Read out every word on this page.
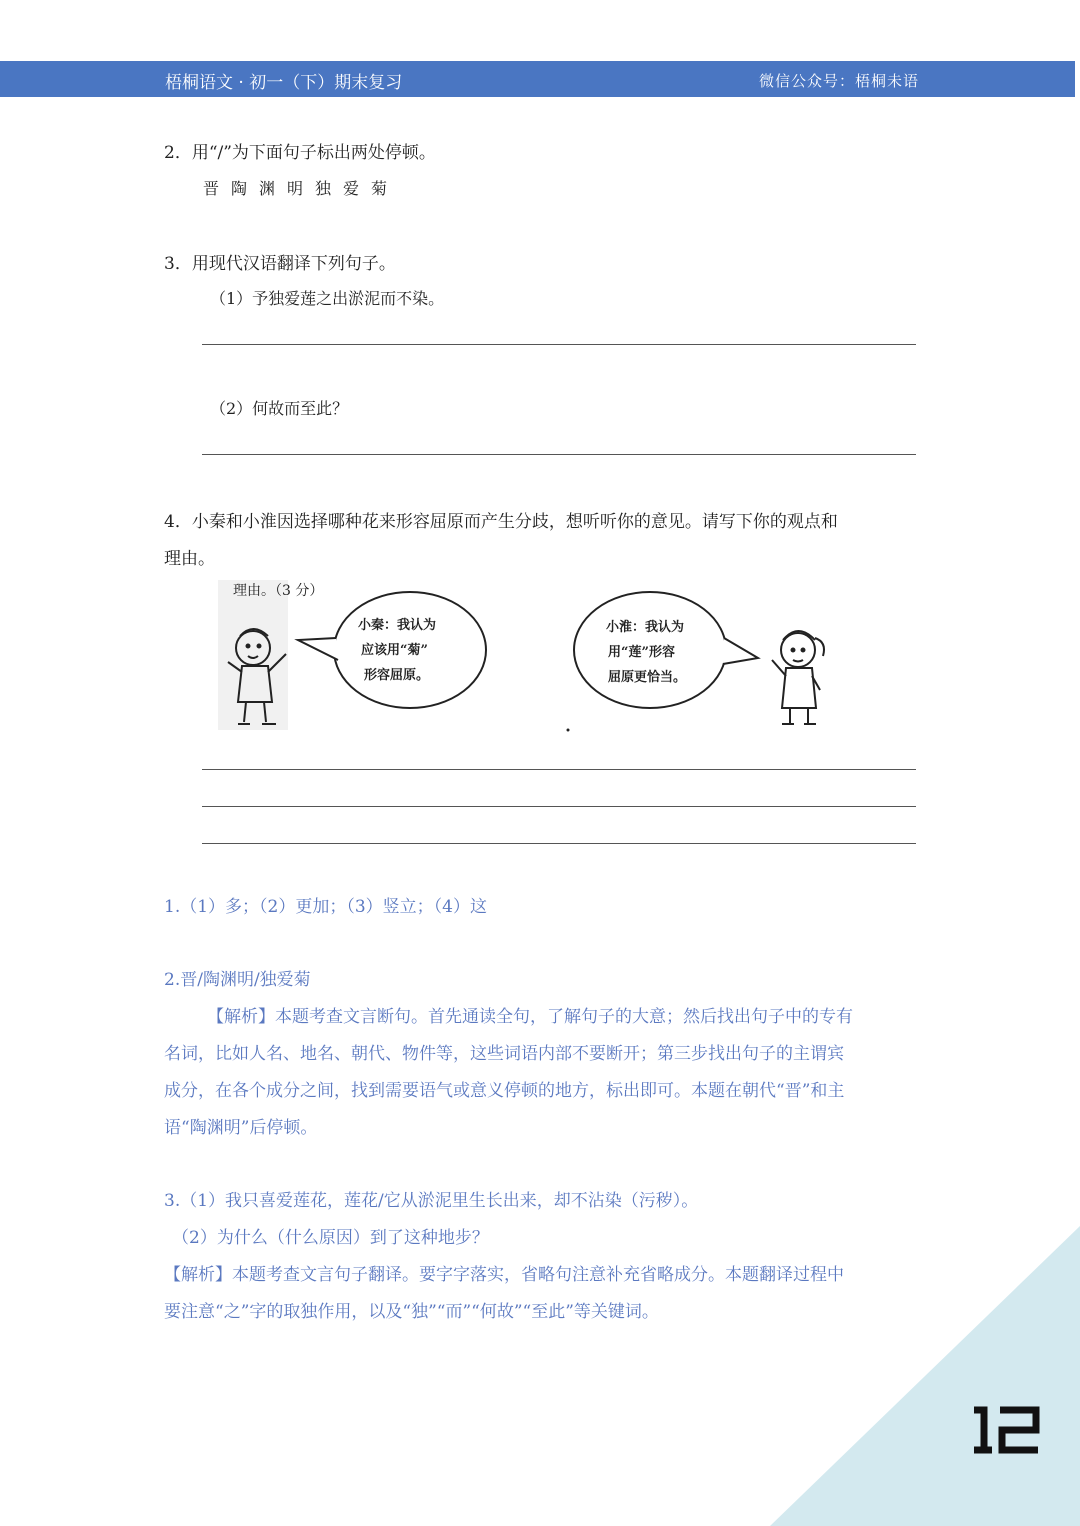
梧桐语文 · 初一（下）期末复习	微信公众号：梧桐未语
2．用“/”为下面句子标出两处停顿。
晋陶渊明独爱菊
3．用现代汉语翻译下列句子。
（1）予独爱莲之出淤泥而不染。
（2）何故而至此？
4．小秦和小淮因选择哪种花来形容屈原而产生分歧，想听听你的意见。请写下你的观点和
理由。
理由。（3 分）
小秦：我认为
应该用“菊”
形容屈原。
小淮：我认为
用“莲”形容
屈原更恰当。
1.（1）多；（2）更加；（3）竖立；（4）这
2.晋/陶渊明/独爱菊
【解析】本题考查文言断句。首先通读全句，了解句子的大意；然后找出句子中的专有
名词，比如人名、地名、朝代、物件等，这些词语内部不要断开；第三步找出句子的主谓宾
成分，在各个成分之间，找到需要语气或意义停顿的地方，标出即可。本题在朝代“晋”和主
语“陶渊明”后停顿。
3.（1）我只喜爱莲花，莲花/它从淤泥里生长出来，却不沾染（污秽）。
（2）为什么（什么原因）到了这种地步？
【解析】本题考查文言句子翻译。要字字落实，省略句注意补充省略成分。本题翻译过程中
要注意“之”字的取独作用，以及“独”“而”“何故”“至此”等关键词。
